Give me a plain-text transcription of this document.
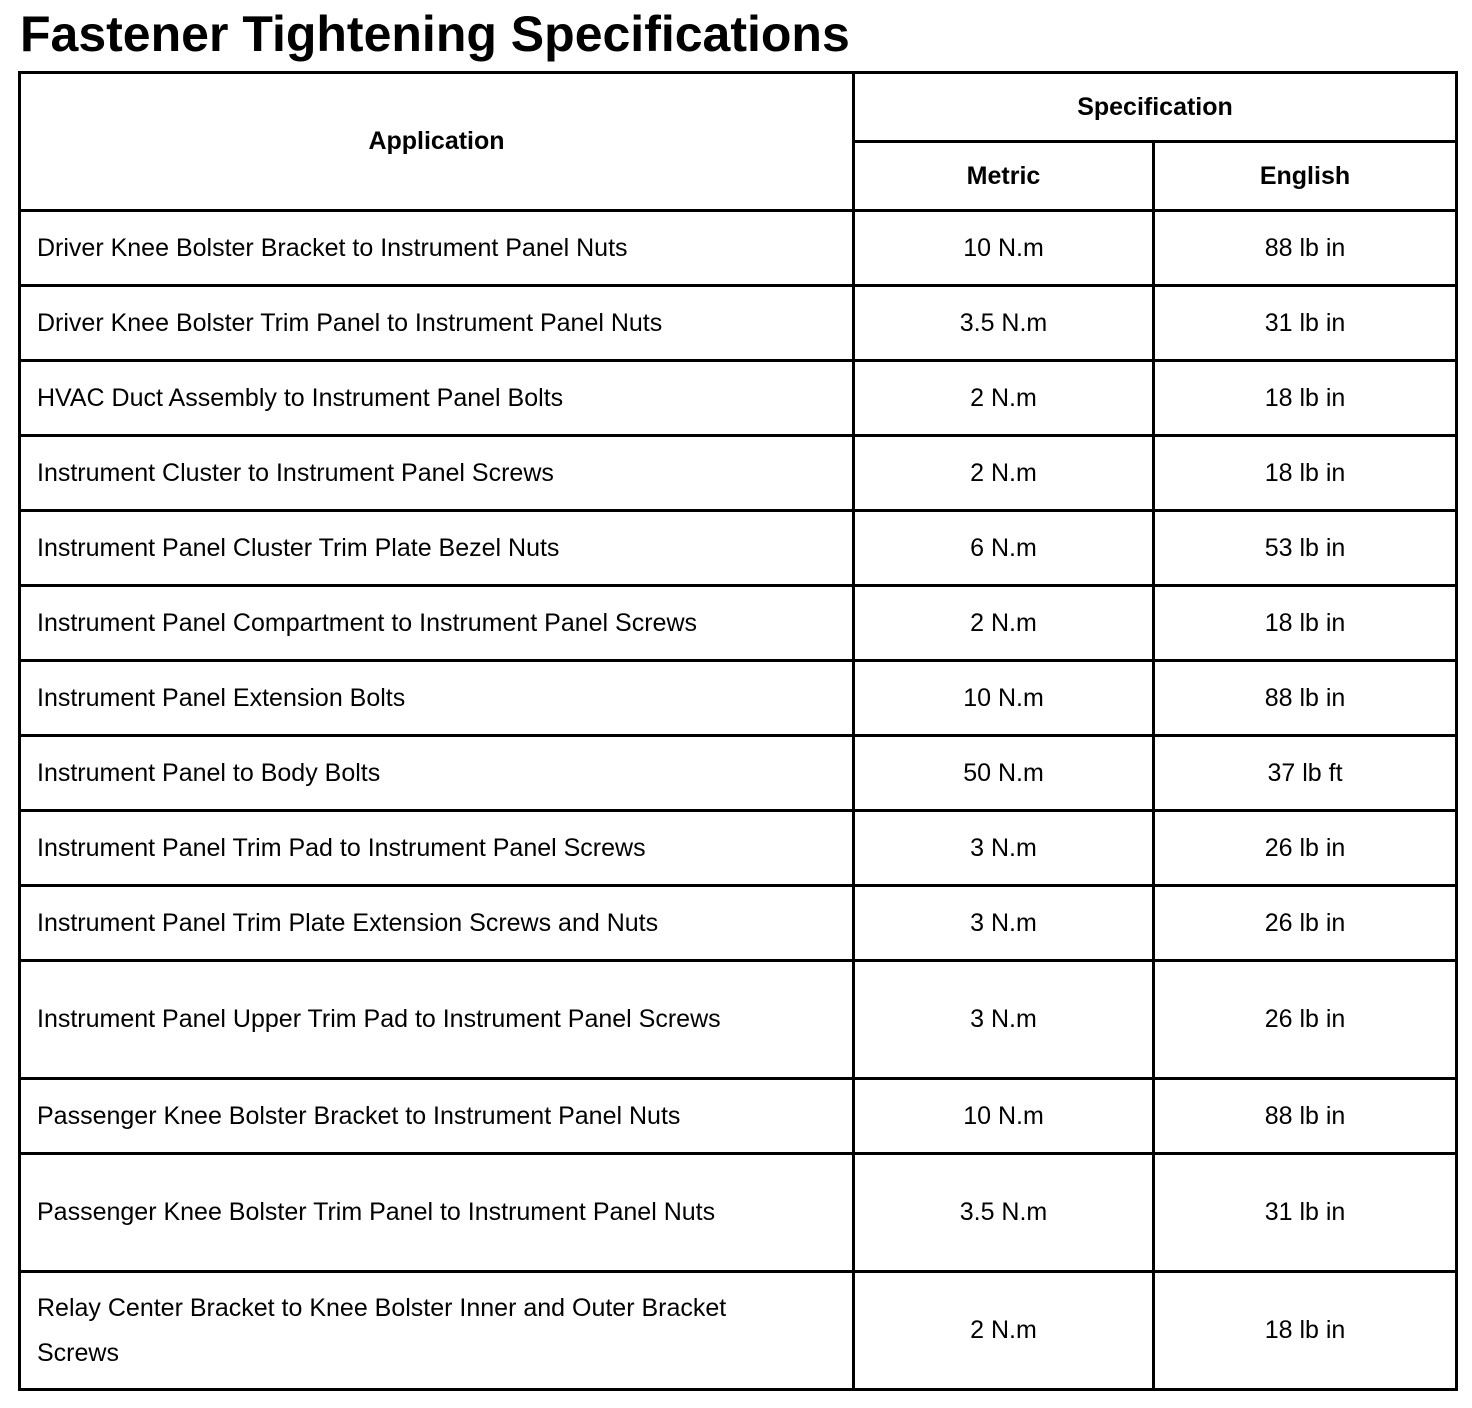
Fastener Tightening Specifications
Application	Specification	
	Metric	English
Driver Knee Bolster Bracket to Instrument Panel Nuts	10 N.m	88 lb in
Driver Knee Bolster Trim Panel to Instrument Panel Nuts	3.5 N.m	31 lb in
HVAC Duct Assembly to Instrument Panel Bolts	2 N.m	18 lb in
Instrument Cluster to Instrument Panel Screws	2 N.m	18 lb in
Instrument Panel Cluster Trim Plate Bezel Nuts	6 N.m	53 lb in
Instrument Panel Compartment to Instrument Panel Screws	2 N.m	18 lb in
Instrument Panel Extension Bolts	10 N.m	88 lb in
Instrument Panel to Body Bolts	50 N.m	37 lb ft
Instrument Panel Trim Pad to Instrument Panel Screws	3 N.m	26 lb in
Instrument Panel Trim Plate Extension Screws and Nuts	3 N.m	26 lb in
Instrument Panel Upper Trim Pad to Instrument Panel Screws	3 N.m	26 lb in
Passenger Knee Bolster Bracket to Instrument Panel Nuts	10 N.m	88 lb in
Passenger Knee Bolster Trim Panel to Instrument Panel Nuts	3.5 N.m	31 lb in
Relay Center Bracket to Knee Bolster Inner and Outer Bracket Screws	2 N.m	18 lb in
